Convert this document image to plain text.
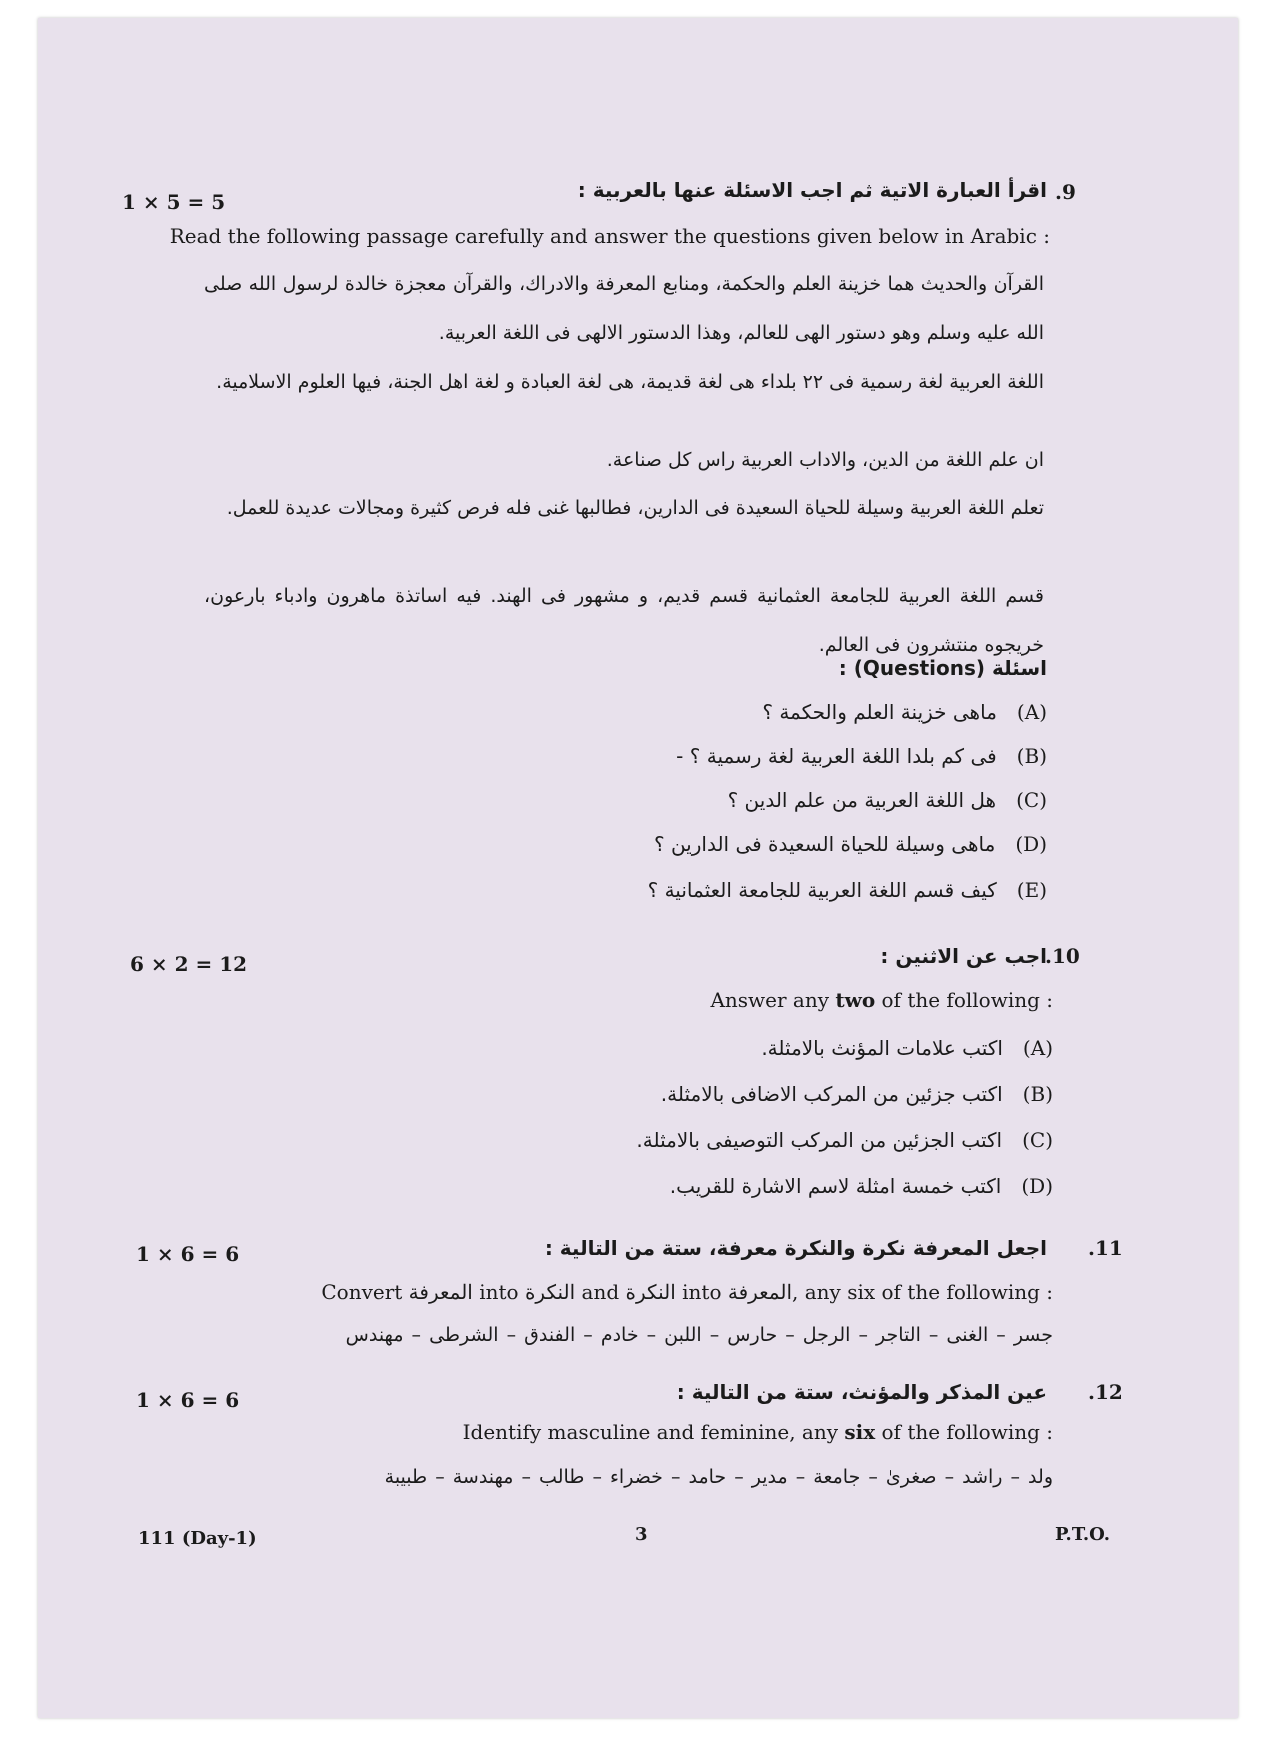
1 × 5 = 5	.9
اقرأ العبارة الاتية ثم اجب الاسئلة عنها بالعربية :
Read the following passage carefully and answer the questions given below in Arabic :
القرآن والحديث هما خزينة العلم والحكمة، ومنابع المعرفة والادراك، والقرآن معجزة خالدة لرسول الله صلى الله عليه وسلم وهو دستور الهى للعالم، وهذا الدستور الالهى فى اللغة العربية.
اللغة العربية لغة رسمية فى ٢٢ بلداء هى لغة قديمة، هى لغة العبادة و لغة اهل الجنة، فيها العلوم الاسلامية.
ان علم اللغة من الدين، والاداب العربية راس كل صناعة.
تعلم اللغة العربية وسيلة للحياة السعيدة فى الدارين، فطالبها غنى فله فرص كثيرة ومجالات عديدة للعمل.
قسم اللغة العربية للجامعة العثمانية قسم قديم، و مشهور فى الهند. فيه اساتذة ماهرون وادباء بارعون، خريجوه منتشرون فى العالم.
اسئلة (Questions) :
(A)ماهى خزينة العلم والحكمة ؟
(B)فى كم بلدا اللغة العربية لغة رسمية ؟ -
(C)هل اللغة العربية من علم الدين ؟
(D)ماهى وسيلة للحياة السعيدة فى الدارين ؟
(E)كيف قسم اللغة العربية للجامعة العثمانية ؟
6 × 2 = 12	.10
اجب عن الاثنين :
Answer any two of the following :
(A)اكتب علامات المؤنث بالامثلة.
(B)اكتب جزئين من المركب الاضافى بالامثلة.
(C)اكتب الجزئين من المركب التوصيفى بالامثلة.
(D)اكتب خمسة امثلة لاسم الاشارة للقريب.
1 × 6 = 6	.11
اجعل المعرفة نكرة والنكرة معرفة، ستة من التالية :
Convert المعرفة into النكرة and النكرة into المعرفة, any six of the following :
جسر – الغنى – التاجر – الرجل – حارس – اللبن – خادم – الفندق – الشرطى – مهندس
1 × 6 = 6	.12
عين المذكر والمؤنث، ستة من التالية :
Identify masculine and feminine, any six of the following :
ولد – راشد – صغرىٰ – جامعة – مدير – حامد – خضراء – طالب – مهندسة – طبيبة
111 (Day-1)	3	P.T.O.
